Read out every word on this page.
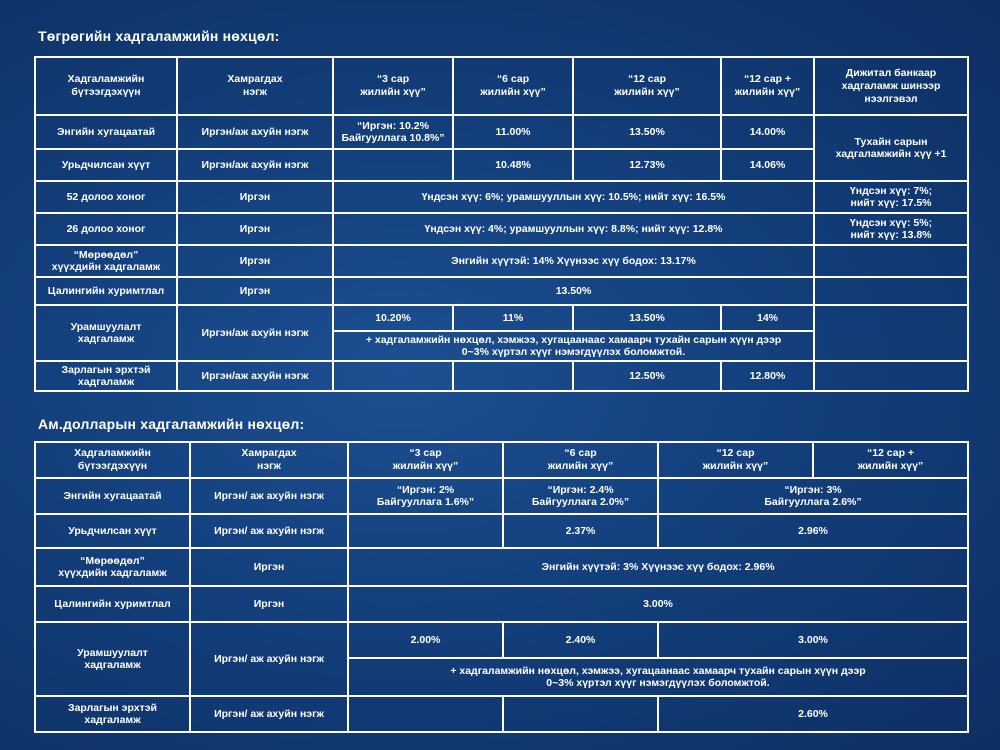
Төгрөгийн хадгаламжийн нөхцөл:
Хадгаламжийн
бүтээгдэхүүн	Хамрагдах
нэгж	“3 сар
жилийн хүү”	“6 сар
жилийн хүү”	“12 сар
жилийн хүү”	“12 сар +
жилийн хүү”	Дижитал банкаар
хадгаламж шинээр
нээлгэвэл
Энгийн хугацаатай	Иргэн/аж ахуйн нэгж	“Иргэн: 10.2%
Байгууллага 10.8%”	11.00%	13.50%	14.00%	Тухайн сарын
хадгаламжийн хүү +1
Урьдчилсан хүүт	Иргэн/аж ахуйн нэгж		10.48%	12.73%	14.06%	
52 долоо хоног	Иргэн	Үндсэн хүү: 6%; урамшууллын хүү: 10.5%; нийт хүү: 16.5%				Үндсэн хүү: 7%;
нийт хүү: 17.5%
26 долоо хоног	Иргэн	Үндсэн хүү: 4%; урамшууллын хүү: 8.8%; нийт хүү: 12.8%				Үндсэн хүү: 5%;
нийт хүү: 13.8%
“Мөрөөдөл”
хүүхдийн хадгаламж	Иргэн	Энгийн хүүтэй: 14% Хүүнээс хүү бодох: 13.17%				
Цалингийн хуримтлал	Иргэн	13.50%				
Урамшуулалт
хадгаламж	Иргэн/аж ахуйн нэгж	10.20%	11%	13.50%	14%	
		+ хадгаламжийн нөхцөл, хэмжээ, хугацаанаас хамаарч тухайн сарын хүүн дээр
0~3% хүртэл хүүг нэмэгдүүлэх боломжтой.				
Зарлагын эрхтэй
хадгаламж	Иргэн/аж ахуйн нэгж			12.50%	12.80%	
Ам.долларын хадгаламжийн нөхцөл:
Хадгаламжийн
бүтээгдэхүүн	Хамрагдах
нэгж	“3 сар
жилийн хүү”	“6 сар
жилийн хүү”	“12 сар
жилийн хүү”	“12 сар +
жилийн хүү”
Энгийн хугацаатай	Иргэн/ аж ахуйн нэгж	“Иргэн: 2%
Байгууллага 1.6%”	“Иргэн: 2.4%
Байгууллага 2.0%”	“Иргэн: 3%
Байгууллага 2.6%”	
Урьдчилсан хүүт	Иргэн/ аж ахуйн нэгж		2.37%	2.96%	
“Мөрөөдөл”
хүүхдийн хадгаламж	Иргэн	Энгийн хүүтэй: 3% Хүүнээс хүү бодох: 2.96%			
Цалингийн хуримтлал	Иргэн	3.00%			
Урамшуулалт
хадгаламж	Иргэн/ аж ахуйн нэгж	2.00%	2.40%	3.00%	
		+ хадгаламжийн нөхцөл, хэмжээ, хугацаанаас хамаарч тухайн сарын хүүн дээр
0~3% хүртэл хүүг нэмэгдүүлэх боломжтой.			
Зарлагын эрхтэй
хадгаламж	Иргэн/ аж ахуйн нэгж			2.60%	
